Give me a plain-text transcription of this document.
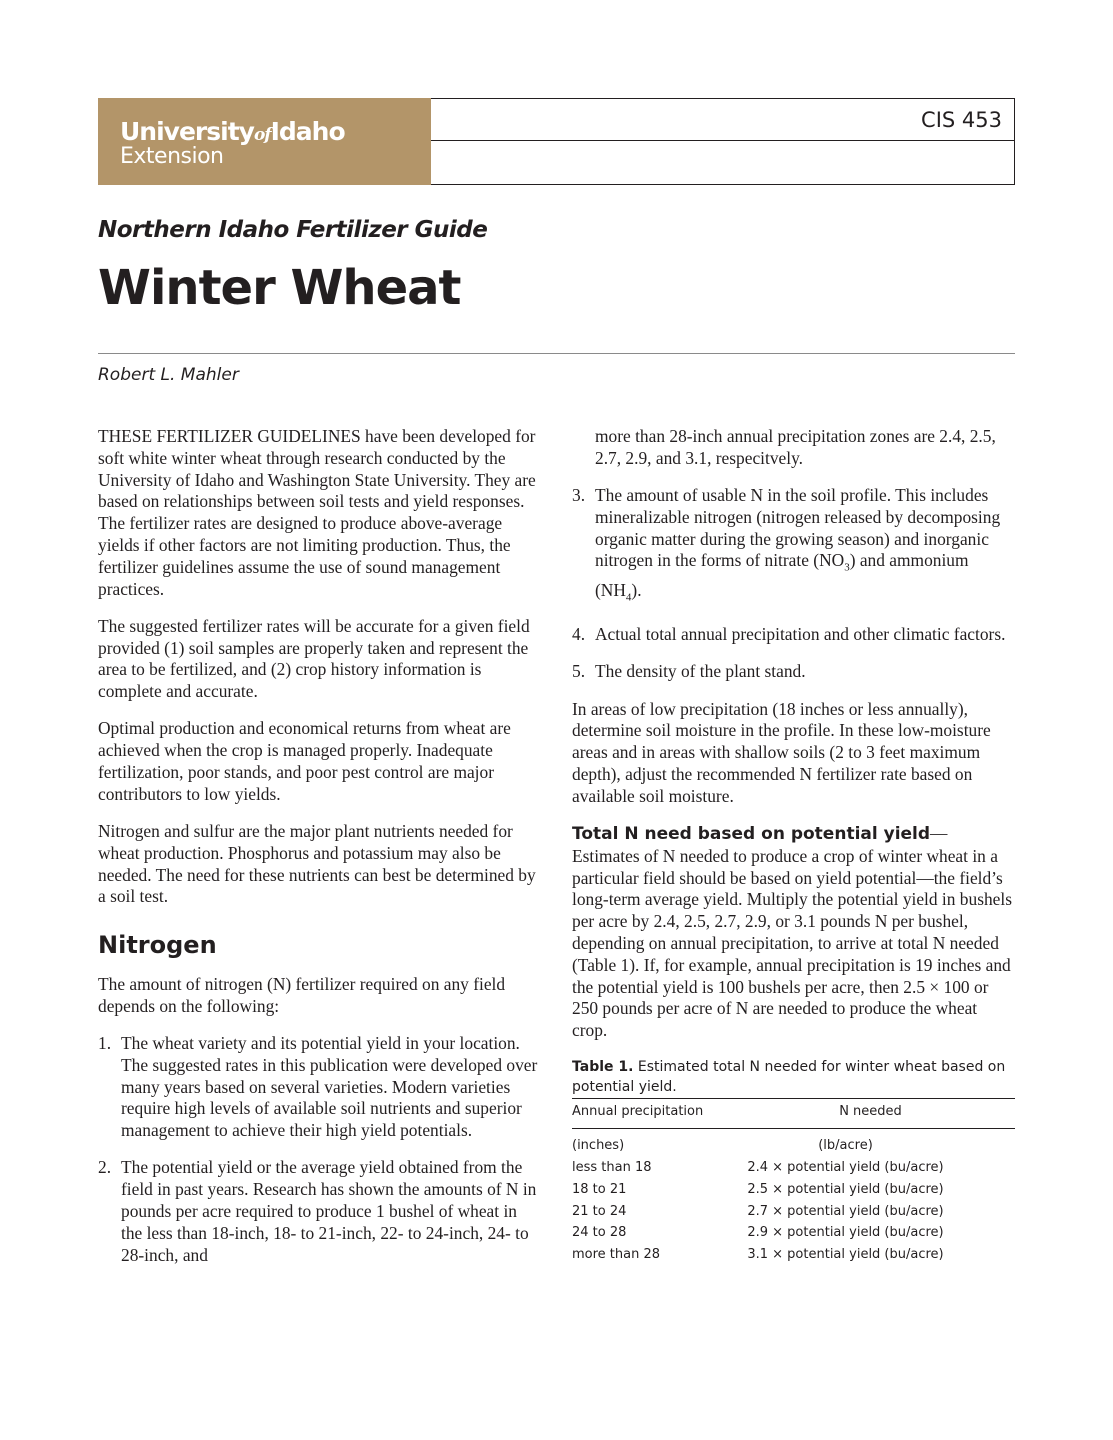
UniversityofIdaho
Extension
CIS 453
Northern Idaho Fertilizer Guide
Winter Wheat
Robert L. Mahler

THESE FERTILIZER GUIDELINES have been developed for soft white winter wheat through research conducted by the University of Idaho and Washington State University. They are based on relationships between soil tests and yield responses. The fertilizer rates are designed to produce above-average yields if other factors are not limiting production. Thus, the fertilizer guidelines assume the use of sound management practices.

The suggested fertilizer rates will be accurate for a given field provided (1) soil samples are properly taken and represent the area to be fertilized, and (2) crop history information is complete and accurate.

Optimal production and economical returns from wheat are achieved when the crop is managed properly. Inadequate fertilization, poor stands, and poor pest control are major contributors to low yields.

Nitrogen and sulfur are the major plant nutrients needed for wheat production. Phosphorus and potassium may also be needed. The need for these nutrients can best be determined by a soil test.

Nitrogen

The amount of nitrogen (N) fertilizer required on any field depends on the following:

1. The wheat variety and its potential yield in your location. The suggested rates in this publication were developed over many years based on several varieties. Modern varieties require high levels of available soil nutrients and superior management to achieve their high yield potentials.
2. The potential yield or the average yield obtained from the field in past years. Research has shown the amounts of N in pounds per acre required to produce 1 bushel of wheat in the less than 18-inch, 18- to 21-inch, 22- to 24-inch, 24- to 28-inch, and
more than 28-inch annual precipitation zones are 2.4, 2.5, 2.7, 2.9, and 3.1, respecitvely.
3. The amount of usable N in the soil profile. This includes mineralizable nitrogen (nitrogen released by decomposing organic matter during the growing season) and inorganic nitrogen in the forms of nitrate $(NO_3)$ and ammonium $(NH_4)$.
4. Actual total annual precipitation and other climatic factors.
5. The density of the plant stand.

In areas of low precipitation (18 inches or less annually), determine soil moisture in the profile. In these low-moisture areas and in areas with shallow soils (2 to 3 feet maximum depth), adjust the recommended N fertilizer rate based on available soil moisture.

Total N need based on potential yield—Estimates of N needed to produce a crop of winter wheat in a particular field should be based on yield potential—the field’s long-term average yield. Multiply the potential yield in bushels per acre by 2.4, 2.5, 2.7, 2.9, or 3.1 pounds N per bushel, depending on annual precipitation, to arrive at total N needed (Table 1). If, for example, annual precipitation is 19 inches and the potential yield is 100 bushels per acre, then 2.5 × 100 or 250 pounds per acre of N are needed to produce the wheat crop.

Table 1. Estimated total N needed for winter wheat based on potential yield.
Annual precipitation	N needed
(inches)	(lb/acre)
less than 18	2.4 × potential yield (bu/acre)
18 to 21	2.5 × potential yield (bu/acre)
21 to 24	2.7 × potential yield (bu/acre)
24 to 28	2.9 × potential yield (bu/acre)
more than 28	3.1 × potential yield (bu/acre)
